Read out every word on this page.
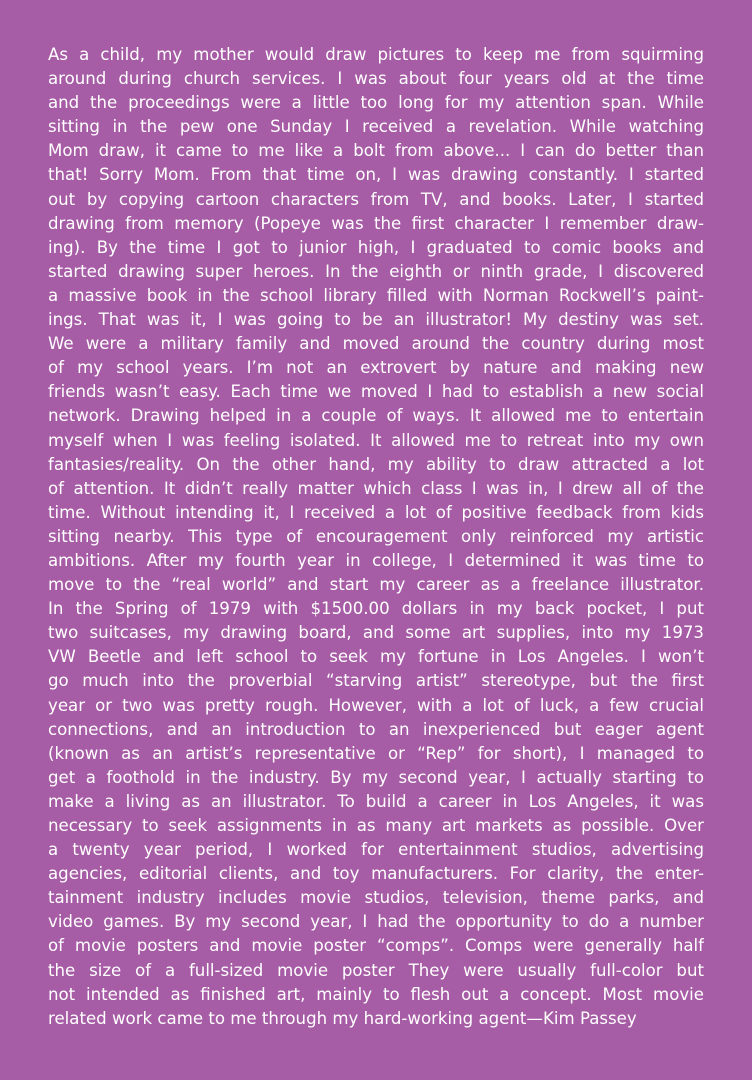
As a child, my mother would draw pictures to keep me from squirming
around during church services. I was about four years old at the time
and the proceedings were a little too long for my attention span. While
sitting in the pew one Sunday I received a revelation. While watching
Mom draw, it came to me like a bolt from above... I can do better than
that! Sorry Mom. From that time on, I was drawing constantly. I started
out by copying cartoon characters from TV, and books. Later, I started
drawing from memory (Popeye was the first character I remember draw-
ing). By the time I got to junior high, I graduated to comic books and
started drawing super heroes. In the eighth or ninth grade, I discovered
a massive book in the school library filled with Norman Rockwell’s paint-
ings. That was it, I was going to be an illustrator! My destiny was set.
We were a military family and moved around the country during most
of my school years. I’m not an extrovert by nature and making new
friends wasn’t easy. Each time we moved I had to establish a new social
network. Drawing helped in a couple of ways. It allowed me to entertain
myself when I was feeling isolated. It allowed me to retreat into my own
fantasies/reality. On the other hand, my ability to draw attracted a lot
of attention. It didn’t really matter which class I was in, I drew all of the
time. Without intending it, I received a lot of positive feedback from kids
sitting nearby. This type of encouragement only reinforced my artistic
ambitions. After my fourth year in college, I determined it was time to
move to the “real world” and start my career as a freelance illustrator.
In the Spring of 1979 with $1500.00 dollars in my back pocket, I put
two suitcases, my drawing board, and some art supplies, into my 1973
VW Beetle and left school to seek my fortune in Los Angeles. I won’t
go much into the proverbial “starving artist” stereotype, but the first
year or two was pretty rough. However, with a lot of luck, a few crucial
connections, and an introduction to an inexperienced but eager agent
(known as an artist’s representative or “Rep” for short), I managed to
get a foothold in the industry. By my second year, I actually starting to
make a living as an illustrator. To build a career in Los Angeles, it was
necessary to seek assignments in as many art markets as possible. Over
a twenty year period, I worked for entertainment studios, advertising
agencies, editorial clients, and toy manufacturers. For clarity, the enter-
tainment industry includes movie studios, television, theme parks, and
video games. By my second year, I had the opportunity to do a number
of movie posters and movie poster “comps”. Comps were generally half
the size of a full-sized movie poster They were usually full-color but
not intended as finished art, mainly to flesh out a concept. Most movie
related work came to me through my hard-working agent—Kim Passey
